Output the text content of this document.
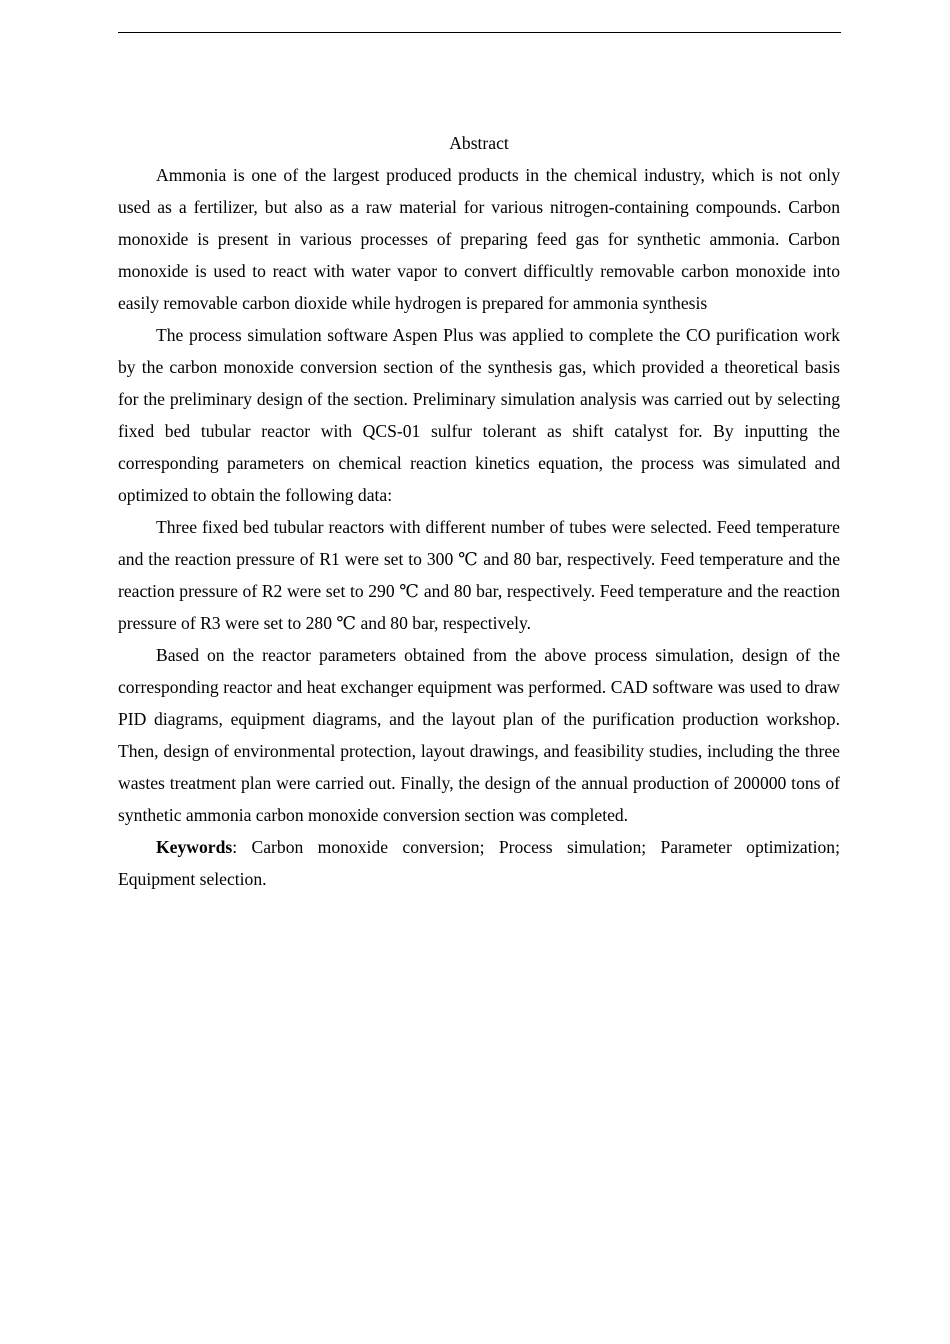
Abstract

Ammonia is one of the largest produced products in the chemical industry, which is not only used as a fertilizer, but also as a raw material for various nitrogen-containing compounds. Carbon monoxide is present in various processes of preparing feed gas for synthetic ammonia. Carbon monoxide is used to react with water vapor to convert difficultly removable carbon monoxide into easily removable carbon dioxide while hydrogen is prepared for ammonia synthesis

The process simulation software Aspen Plus was applied to complete the CO purification work by the carbon monoxide conversion section of the synthesis gas, which provided a theoretical basis for the preliminary design of the section. Preliminary simulation analysis was carried out by selecting fixed bed tubular reactor with QCS-01 sulfur tolerant as shift catalyst for. By inputting the corresponding parameters on chemical reaction kinetics equation, the process was simulated and optimized to obtain the following data:

Three fixed bed tubular reactors with different number of tubes were selected. Feed temperature and the reaction pressure of R1 were set to 300 ℃ and 80 bar, respectively. Feed temperature and the reaction pressure of R2 were set to 290 ℃ and 80 bar, respectively. Feed temperature and the reaction pressure of R3 were set to 280 ℃ and 80 bar, respectively.

Based on the reactor parameters obtained from the above process simulation, design of the corresponding reactor and heat exchanger equipment was performed. CAD software was used to draw PID diagrams, equipment diagrams, and the layout plan of the purification production workshop. Then, design of environmental protection, layout drawings, and feasibility studies, including the three wastes treatment plan were carried out. Finally, the design of the annual production of 200000 tons of synthetic ammonia carbon monoxide conversion section was completed.

Keywords: Carbon monoxide conversion; Process simulation; Parameter optimization; Equipment selection.
